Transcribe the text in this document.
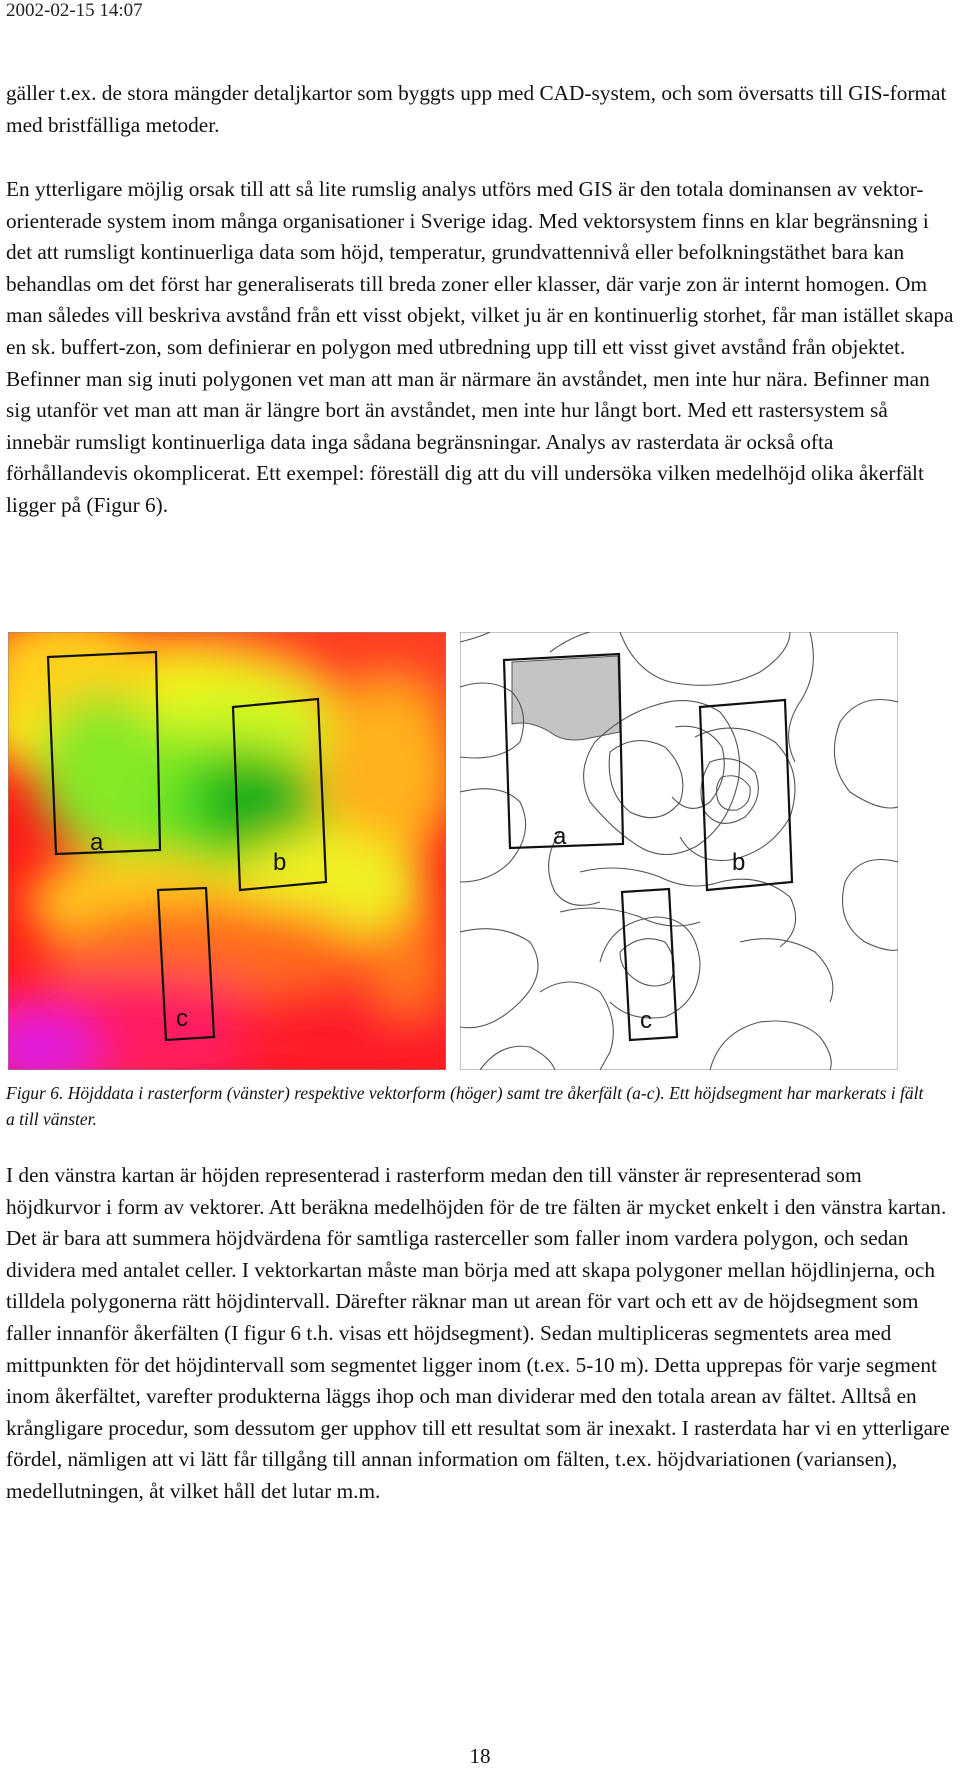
2002-02-15 14:07

gäller t.ex. de stora mängder detaljkartor som byggts upp med CAD-system, och som översatts till GIS-format med bristfälliga metoder.

En ytterligare möjlig orsak till att så lite rumslig analys utförs med GIS är den totala dominansen av vektor-orienterade system inom många organisationer i Sverige idag. Med vektorsystem finns en klar begränsning i det att rumsligt kontinuerliga data som höjd, temperatur, grundvattennivå eller befolkningstäthet bara kan behandlas om det först har generaliserats till breda zoner eller klasser, där varje zon är internt homogen. Om man således vill beskriva avstånd från ett visst objekt, vilket ju är en kontinuerlig storhet, får man istället skapa en sk. buffert-zon, som definierar en polygon med utbredning upp till ett visst givet avstånd från objektet. Befinner man sig inuti polygonen vet man att man är närmare än avståndet, men inte hur nära. Befinner man sig utanför vet man att man är längre bort än avståndet, men inte hur långt bort. Med ett rastersystem så innebär rumsligt kontinuerliga data inga sådana begränsningar. Analys av rasterdata är också ofta förhållandevis okomplicerat. Ett exempel: föreställ dig att du vill undersöka vilken medelhöjd olika åkerfält ligger på (Figur 6).

a
b
c
a
b
c

Figur 6. Höjddata i rasterform (vänster) respektive vektorform (höger) samt tre åkerfält (a-c). Ett höjdsegment har markerats i fält a till vänster.

I den vänstra kartan är höjden representerad i rasterform medan den till vänster är representerad som höjdkurvor i form av vektorer. Att beräkna medelhöjden för de tre fälten är mycket enkelt i den vänstra kartan. Det är bara att summera höjdvärdena för samtliga rasterceller som faller inom vardera polygon, och sedan dividera med antalet celler. I vektorkartan måste man börja med att skapa polygoner mellan höjdlinjerna, och tilldela polygonerna rätt höjdintervall. Därefter räknar man ut arean för vart och ett av de höjdsegment som faller innanför åkerfälten (I figur 6 t.h. visas ett höjdsegment). Sedan multipliceras segmentets area med mittpunkten för det höjdintervall som segmentet ligger inom (t.ex. 5-10 m). Detta upprepas för varje segment inom åkerfältet, varefter produkterna läggs ihop och man dividerar med den totala arean av fältet. Alltså en krångligare procedur, som dessutom ger upphov till ett resultat som är inexakt. I rasterdata har vi en ytterligare fördel, nämligen att vi lätt får tillgång till annan information om fälten, t.ex. höjdvariationen (variansen), medellutningen, åt vilket håll det lutar m.m.

18
